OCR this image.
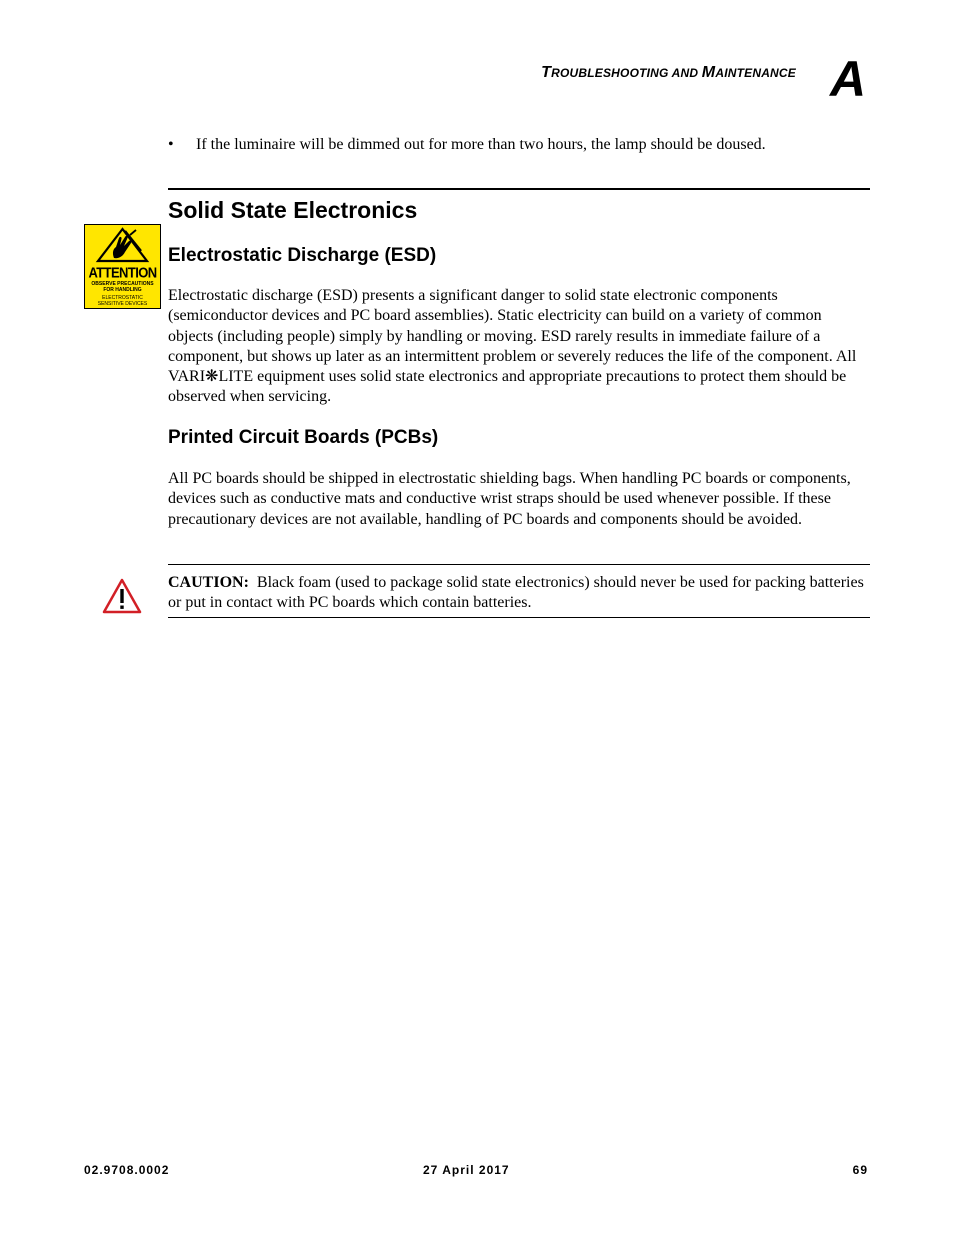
TROUBLESHOOTING AND MAINTENANCE A
• If the luminaire will be dimmed out for more than two hours, the lamp should be doused.
Solid State Electronics
ATTENTION
OBSERVE PRECAUTIONS
FOR HANDLING
ELECTROSTATIC
SENSITIVE DEVICES
Electrostatic Discharge (ESD)
Electrostatic discharge (ESD) presents a significant danger to solid state electronic components (semiconductor devices and PC board assemblies). Static electricity can build on a variety of common objects (including people) simply by handling or moving. ESD rarely results in immediate failure of a component, but shows up later as an intermittent problem or severely reduces the life of the component. All VARI❋LITE equipment uses solid state electronics and appropriate precautions to protect them should be observed when servicing.
Printed Circuit Boards (PCBs)
All PC boards should be shipped in electrostatic shielding bags. When handling PC boards or components, devices such as conductive mats and conductive wrist straps should be used whenever possible. If these precautionary devices are not available, handling of PC boards and components should be avoided.
CAUTION: Black foam (used to package solid state electronics) should never be used for packing batteries or put in contact with PC boards which contain batteries.
02.9708.0002	27 April 2017	69
